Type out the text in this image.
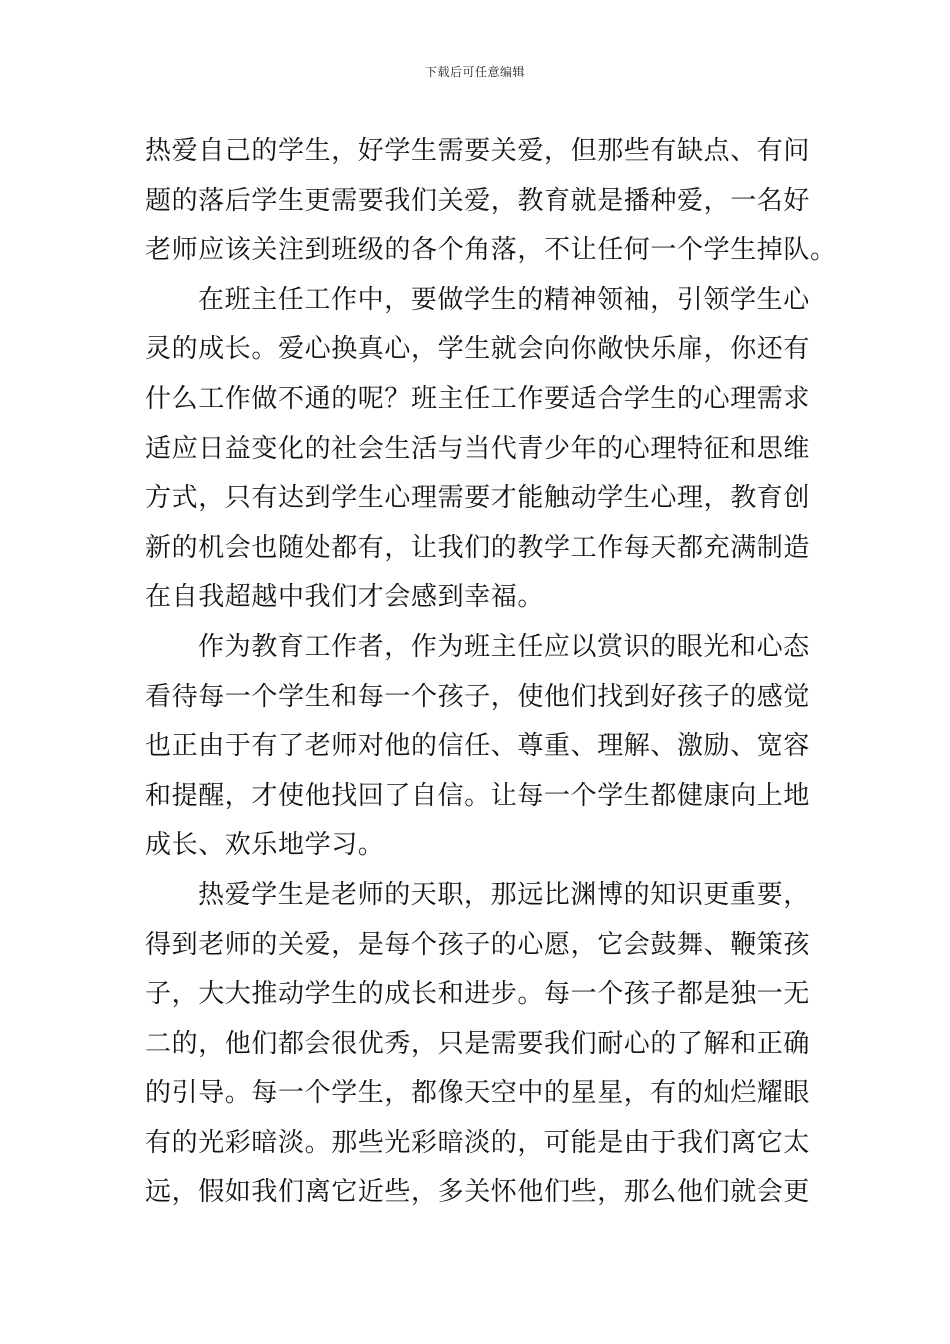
下载后可任意编辑
热爱自己的学生，好学生需要关爱，但那些有缺点、有问
题的落后学生更需要我们关爱，教育就是播种爱，一名好
老师应该关注到班级的各个角落，不让任何一个学生掉队。
在班主任工作中，要做学生的精神领袖，引领学生心
灵的成长。爱心换真心，学生就会向你敞快乐扉，你还有
什么工作做不通的呢？班主任工作要适合学生的心理需求
适应日益变化的社会生活与当代青少年的心理特征和思维
方式，只有达到学生心理需要才能触动学生心理，教育创
新的机会也随处都有，让我们的教学工作每天都充满制造
在自我超越中我们才会感到幸福。
作为教育工作者，作为班主任应以赏识的眼光和心态
看待每一个学生和每一个孩子，使他们找到好孩子的感觉
也正由于有了老师对他的信任、尊重、理解、激励、宽容
和提醒，才使他找回了自信。让每一个学生都健康向上地
成长、欢乐地学习。
热爱学生是老师的天职，那远比渊博的知识更重要，
得到老师的关爱，是每个孩子的心愿，它会鼓舞、鞭策孩
子，大大推动学生的成长和进步。每一个孩子都是独一无
二的，他们都会很优秀，只是需要我们耐心的了解和正确
的引导。每一个学生，都像天空中的星星，有的灿烂耀眼
有的光彩暗淡。那些光彩暗淡的，可能是由于我们离它太
远，假如我们离它近些，多关怀他们些，那么他们就会更
